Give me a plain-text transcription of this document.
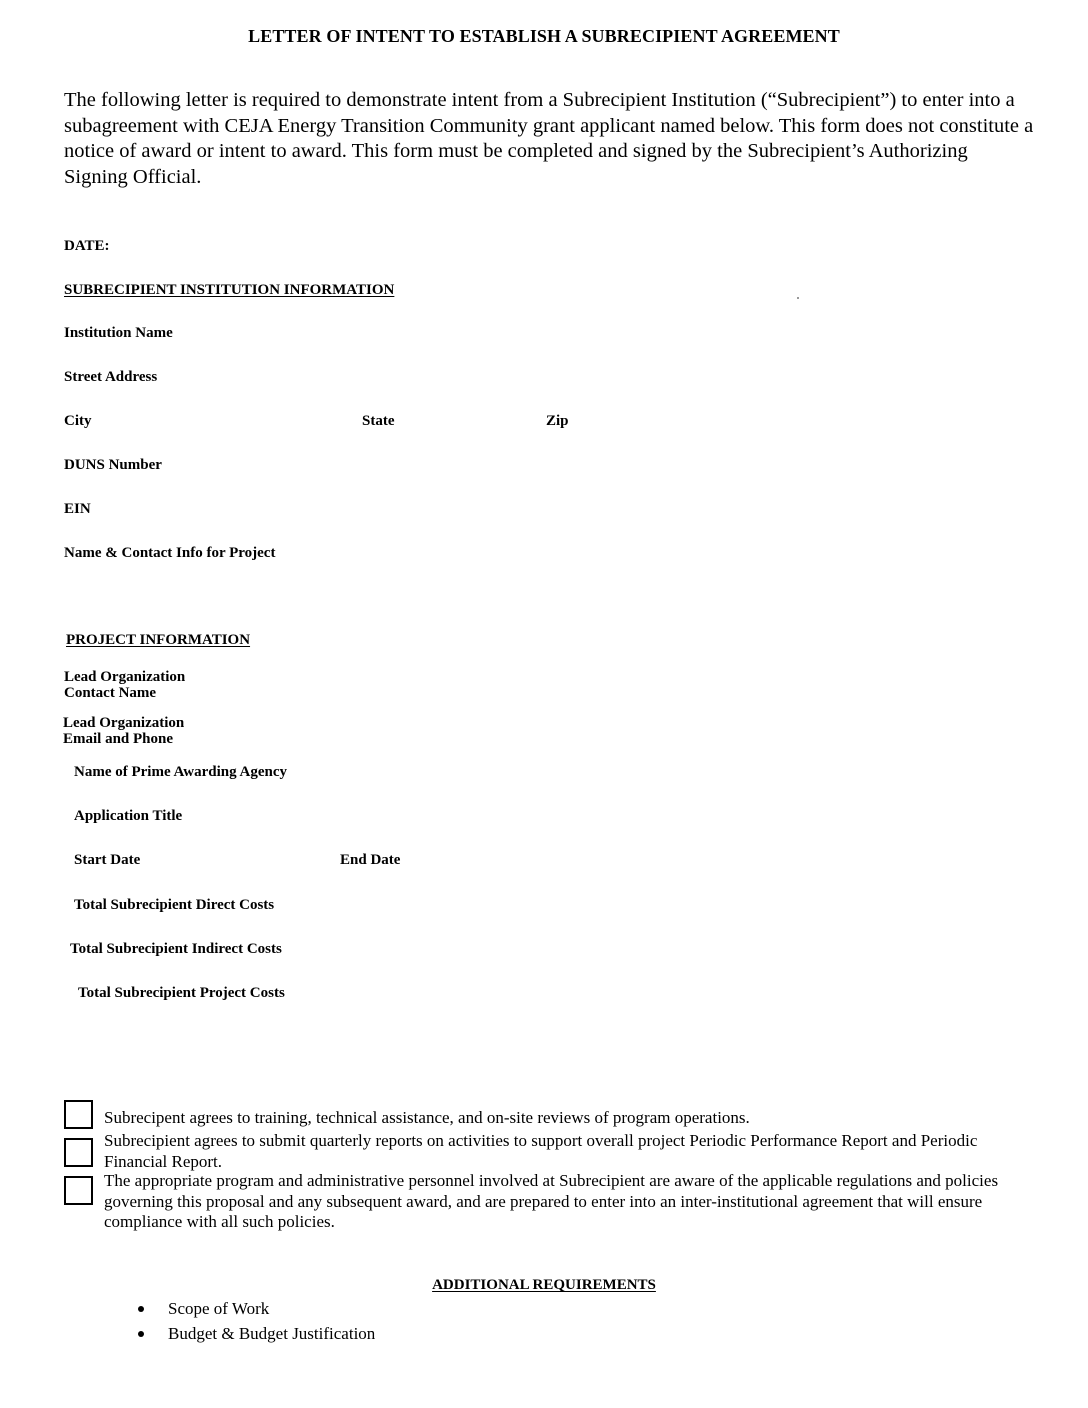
LETTER OF INTENT TO ESTABLISH A SUBRECIPIENT AGREEMENT
The following letter is required to demonstrate intent from a Subrecipient Institution (“Subrecipient”) to enter into a subagreement with CEJA Energy Transition Community grant applicant named below. This form does not constitute a notice of award or intent to award. This form must be completed and signed by the Subrecipient’s Authorizing Signing Official.
DATE:
SUBRECIPIENT INSTITUTION INFORMATION
Institution Name
Street Address
City	State	Zip
DUNS Number
EIN
Name & Contact Info for Project
PROJECT INFORMATION
Lead Organization
Contact Name
Lead Organization
Email and Phone
Name of Prime Awarding Agency
Application Title
Start Date	End Date
Total Subrecipient Direct Costs
Total Subrecipient Indirect Costs
Total Subrecipient Project Costs
Subrecipent agrees to training, technical assistance, and on-site reviews of program operations.
Subrecipient agrees to submit quarterly reports on activities to support overall project Periodic Performance Report and Periodic Financial Report.
The appropriate program and administrative personnel involved at Subrecipient are aware of the applicable regulations and policies governing this proposal and any subsequent award, and are prepared to enter into an inter-institutional agreement that will ensure compliance with all such policies.
ADDITIONAL REQUIREMENTS
Scope of Work
Budget & Budget Justification
